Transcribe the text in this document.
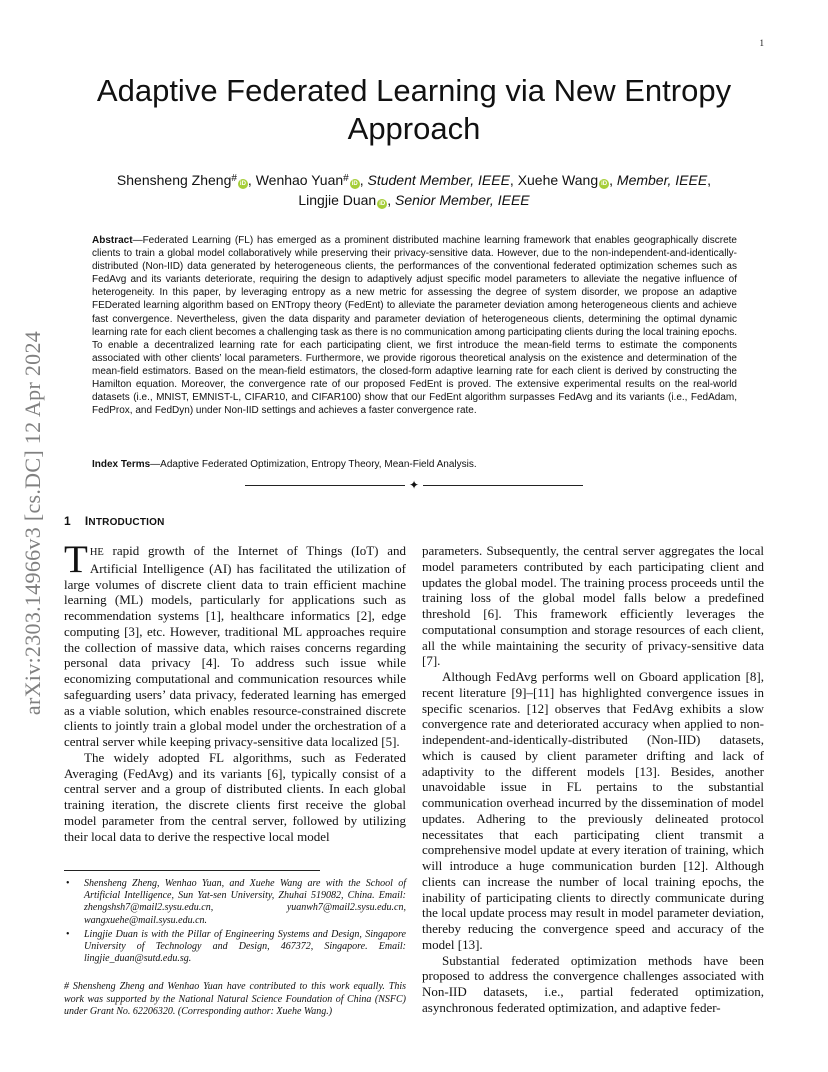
1
arXiv:2303.14966v3 [cs.DC] 12 Apr 2024
Adaptive Federated Learning via New Entropy
Approach
Shensheng Zheng# iD , Wenhao Yuan# iD , Student Member, IEEE, Xuehe Wang iD , Member, IEEE,
Lingjie Duan iD , Senior Member, IEEE

Abstract—Federated Learning (FL) has emerged as a prominent distributed machine learning framework that enables geographically discrete clients to train a global model collaboratively while preserving their privacy-sensitive data. However, due to the non-independent-and-identically-distributed (Non-IID) data generated by heterogeneous clients, the performances of the conventional federated optimization schemes such as FedAvg and its variants deteriorate, requiring the design to adaptively adjust specific model parameters to alleviate the negative influence of heterogeneity. In this paper, by leveraging entropy as a new metric for assessing the degree of system disorder, we propose an adaptive FEDerated learning algorithm based on ENTropy theory (FedEnt) to alleviate the parameter deviation among heterogeneous clients and achieve fast convergence. Nevertheless, given the data disparity and parameter deviation of heterogeneous clients, determining the optimal dynamic learning rate for each client becomes a challenging task as there is no communication among participating clients during the local training epochs. To enable a decentralized learning rate for each participating client, we first introduce the mean-field terms to estimate the components associated with other clients’ local parameters. Furthermore, we provide rigorous theoretical analysis on the existence and determination of the mean-field estimators. Based on the mean-field estimators, the closed-form adaptive learning rate for each client is derived by constructing the Hamilton equation. Moreover, the convergence rate of our proposed FedEnt is proved. The extensive experimental results on the real-world datasets (i.e., MNIST, EMNIST-L, CIFAR10, and CIFAR100) show that our FedEnt algorithm surpasses FedAvg and its variants (i.e., FedAdam, FedProx, and FedDyn) under Non-IID settings and achieves a faster convergence rate.

Index Terms—Adaptive Federated Optimization, Entropy Theory, Mean-Field Analysis.

✦
1 INTRODUCTION

THE rapid growth of the Internet of Things (IoT) and Artificial Intelligence (AI) has facilitated the utilization of large volumes of discrete client data to train efficient machine learning (ML) models, particularly for applications such as recommendation systems [1], healthcare informatics [2], edge computing [3], etc. However, traditional ML approaches require the collection of massive data, which raises concerns regarding personal data privacy [4]. To address such issue while economizing computational and communication resources while safeguarding users’ data privacy, federated learning has emerged as a viable solution, which enables resource-constrained discrete clients to jointly train a global model under the orchestration of a central server while keeping privacy-sensitive data localized [5].

The widely adopted FL algorithms, such as Federated Averaging (FedAvg) and its variants [6], typically consist of a central server and a group of distributed clients. In each global training iteration, the discrete clients first receive the global model parameter from the central server, followed by utilizing their local data to derive the respective local model

parameters. Subsequently, the central server aggregates the local model parameters contributed by each participating client and updates the global model. The training process proceeds until the training loss of the global model falls below a predefined threshold [6]. This framework efficiently leverages the computational consumption and storage resources of each client, all the while maintaining the security of privacy-sensitive data [7].

Although FedAvg performs well on Gboard application [8], recent literature [9]–[11] has highlighted convergence issues in specific scenarios. [12] observes that FedAvg exhibits a slow convergence rate and deteriorated accuracy when applied to non-independent-and-identically-distributed (Non-IID) datasets, which is caused by client parameter drifting and lack of adaptivity to the different models [13]. Besides, another unavoidable issue in FL pertains to the substantial communication overhead incurred by the dissemination of model updates. Adhering to the previously delineated protocol necessitates that each participating client transmit a comprehensive model update at every iteration of training, which will introduce a huge communication burden [12]. Although clients can increase the number of local training epochs, the inability of participating clients to directly communicate during the local update process may result in model parameter deviation, thereby reducing the convergence speed and accuracy of the model [13].

Substantial federated optimization methods have been proposed to address the convergence challenges associated with Non-IID datasets, i.e., partial federated optimization, asynchronous federated optimization, and adaptive feder-

• Shensheng Zheng, Wenhao Yuan, and Xuehe Wang are with the School of Artificial Intelligence, Sun Yat-sen University, Zhuhai 519082, China. Email: zhengshsh7@mail2.sysu.edu.cn, yuanwh7@mail2.sysu.edu.cn, wangxuehe@mail.sysu.edu.cn.
• Lingjie Duan is with the Pillar of Engineering Systems and Design, Singapore University of Technology and Design, 467372, Singapore. Email: lingjie_duan@sutd.edu.sg.
# Shensheng Zheng and Wenhao Yuan have contributed to this work equally. This work was supported by the National Natural Science Foundation of China (NSFC) under Grant No. 62206320. (Corresponding author: Xuehe Wang.)
